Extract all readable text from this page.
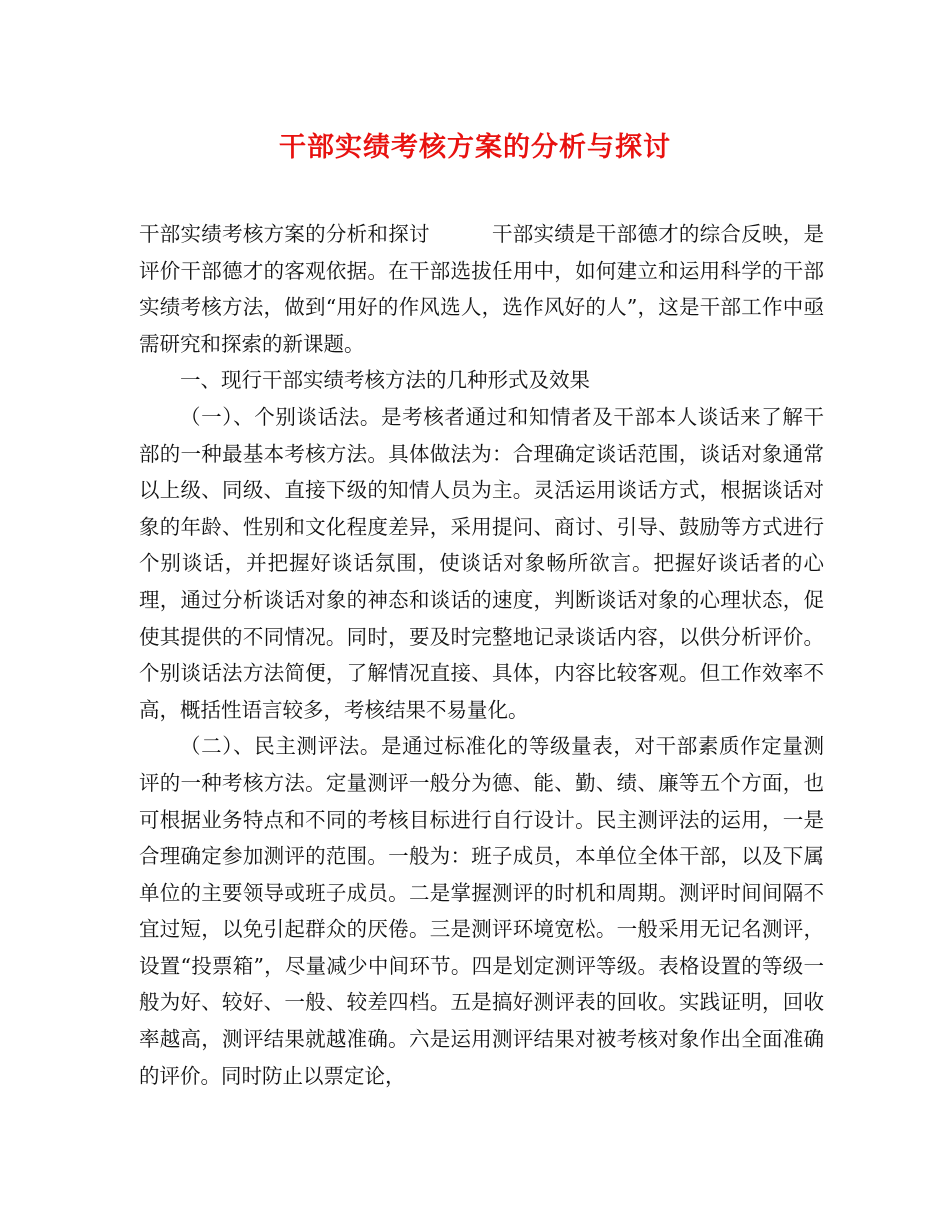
干部实绩考核方案的分析与探讨

干部实绩考核方案的分析和探讨	干部实绩是干部德才的综合反映，是评价干部德才的客观依据。在干部选拔任用中，如何建立和运用科学的干部实绩考核方法，做到“用好的作风选人，选作风好的人”，这是干部工作中亟需研究和探索的新课题。

一、现行干部实绩考核方法的几种形式及效果

（一）、个别谈话法。是考核者通过和知情者及干部本人谈话来了解干部的一种最基本考核方法。具体做法为：合理确定谈话范围，谈话对象通常以上级、同级、直接下级的知情人员为主。灵活运用谈话方式，根据谈话对象的年龄、性别和文化程度差异，采用提问、商讨、引导、鼓励等方式进行个别谈话，并把握好谈话氛围，使谈话对象畅所欲言。把握好谈话者的心理，通过分析谈话对象的神态和谈话的速度，判断谈话对象的心理状态，促使其提供的不同情况。同时，要及时完整地记录谈话内容，以供分析评价。个别谈话法方法简便，了解情况直接、具体，内容比较客观。但工作效率不高，概括性语言较多，考核结果不易量化。

（二）、民主测评法。是通过标准化的等级量表，对干部素质作定量测评的一种考核方法。定量测评一般分为德、能、勤、绩、廉等五个方面，也可根据业务特点和不同的考核目标进行自行设计。民主测评法的运用，一是合理确定参加测评的范围。一般为：班子成员，本单位全体干部，以及下属单位的主要领导或班子成员。二是掌握测评的时机和周期。测评时间间隔不宜过短，以免引起群众的厌倦。三是测评环境宽松。一般采用无记名测评，设置“投票箱”，尽量减少中间环节。四是划定测评等级。表格设置的等级一般为好、较好、一般、较差四档。五是搞好测评表的回收。实践证明，回收率越高，测评结果就越准确。六是运用测评结果对被考核对象作出全面准确的评价。同时防止以票定论，
